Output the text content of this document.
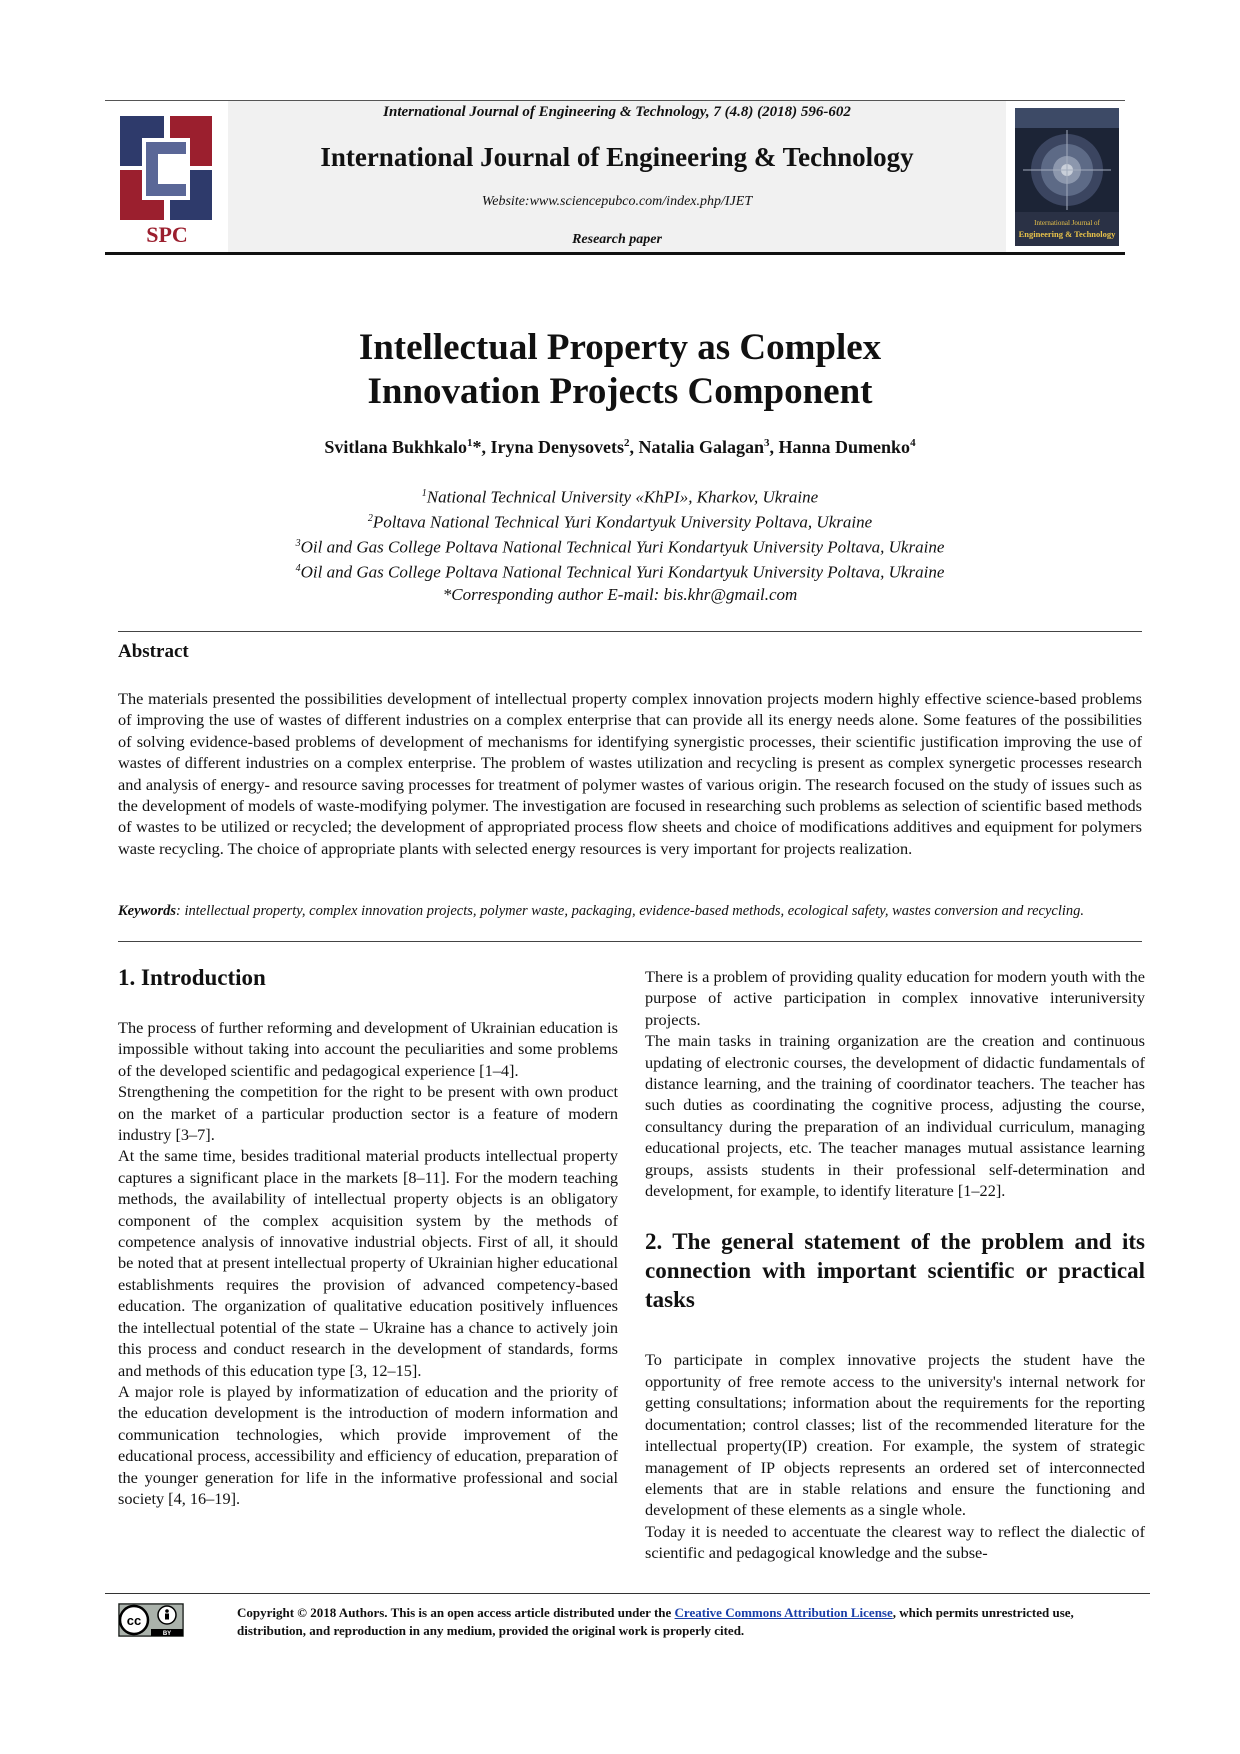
SPC
International Journal of Engineering & Technology, 7 (4.8) (2018) 596-602
International Journal of Engineering & Technology
Website:www.sciencepubco.com/index.php/IJET
Research paper
International Journal of
Engineering & Technology
Intellectual Property as Complex
Innovation Projects Component
Svitlana Bukhkalo$^1$*, Iryna Denysovets$^2$, Natalia Galagan$^3$, Hanna Dumenko$^4$
$^1$National Technical University «KhPI», Kharkov, Ukraine
$^2$Poltava National Technical Yuri Kondartyuk University Poltava, Ukraine
$^3$Oil and Gas College Poltava National Technical Yuri Kondartyuk University Poltava, Ukraine
$^4$Oil and Gas College Poltava National Technical Yuri Kondartyuk University Poltava, Ukraine
*Corresponding author E-mail: bis.khr@gmail.com
Abstract
The materials presented the possibilities development of intellectual property complex innovation projects modern highly effective science-based problems of improving the use of wastes of different industries on a complex enterprise that can provide all its energy needs alone. Some features of the possibilities of solving evidence-based problems of development of mechanisms for identifying synergistic processes, their scientific justification improving the use of wastes of different industries on a complex enterprise. The problem of wastes utilization and recycling is present as complex synergetic processes research and analysis of energy- and resource saving processes for treatment of polymer wastes of various origin. The research focused on the study of issues such as the development of models of waste-modifying polymer. The investigation are focused in researching such problems as selection of scientific based methods of wastes to be utilized or recycled; the development of appropriated process flow sheets and choice of modifications additives and equipment for polymers waste recycling. The choice of appropriate plants with selected energy resources is very important for projects realization.
Keywords: intellectual property, complex innovation projects, polymer waste, packaging, evidence-based methods, ecological safety, wastes conversion and recycling.
1. Introduction

The process of further reforming and development of Ukrainian education is impossible without taking into account the peculiarities and some problems of the developed scientific and pedagogical experience [1–4].

Strengthening the competition for the right to be present with own product on the market of a particular production sector is a feature of modern industry [3–7].

At the same time, besides traditional material products intellectual property captures a significant place in the markets [8–11]. For the modern teaching methods, the availability of intellectual property objects is an obligatory component of the complex acquisition system by the methods of competence analysis of innovative industrial objects. First of all, it should be noted that at present intellectual property of Ukrainian higher educational establishments requires the provision of advanced competency-based education. The organization of qualitative education positively influences the intellectual potential of the state – Ukraine has a chance to actively join this process and conduct research in the development of standards, forms and methods of this education type [3, 12–15].

A major role is played by informatization of education and the priority of the education development is the introduction of modern information and communication technologies, which provide improvement of the educational process, accessibility and efficiency of education, preparation of the younger generation for life in the informative professional and social society [4, 16–19].

There is a problem of providing quality education for modern youth with the purpose of active participation in complex innovative interuniversity projects.

The main tasks in training organization are the creation and continuous updating of electronic courses, the development of didactic fundamentals of distance learning, and the training of coordinator teachers. The teacher has such duties as coordinating the cognitive process, adjusting the course, consultancy during the preparation of an individual curriculum, managing educational projects, etc. The teacher manages mutual assistance learning groups, assists students in their professional self-determination and development, for example, to identify literature [1–22].

2. The general statement of the problem and its connection with important scientific or practical tasks

To participate in complex innovative projects the student have the opportunity of free remote access to the university's internal network for getting consultations; information about the requirements for the reporting documentation; control classes; list of the recommended literature for the intellectual property(IP) creation. For example, the system of strategic management of IP objects represents an ordered set of interconnected elements that are in stable relations and ensure the functioning and development of these elements as a single whole.

Today it is needed to accentuate the clearest way to reflect the dialectic of scientific and pedagogical knowledge and the subse-

cc
BY
Copyright © 2018 Authors. This is an open access article distributed under the Creative Commons Attribution License, which permits unrestricted use, distribution, and reproduction in any medium, provided the original work is properly cited.
